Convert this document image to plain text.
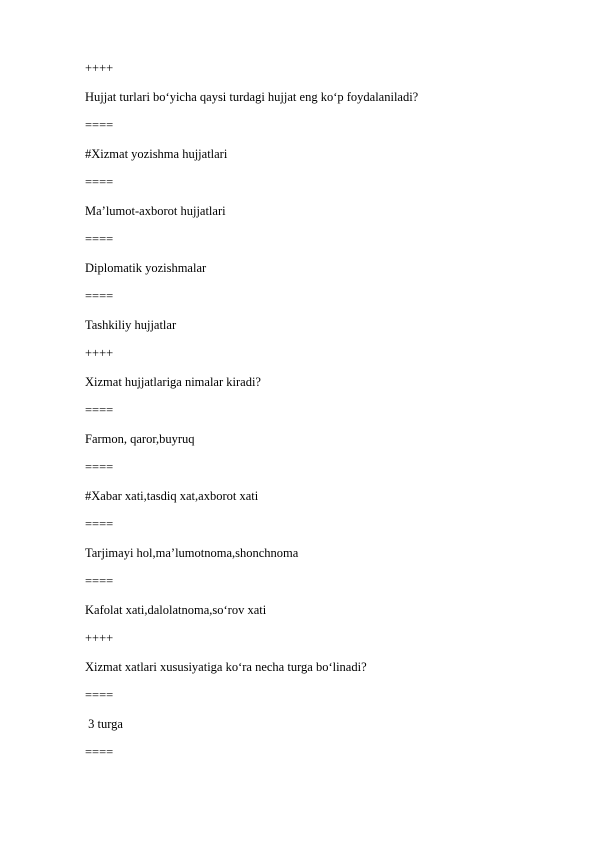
++++
Hujjat turlari bo‘yicha qaysi turdagi hujjat eng ko‘p foydalaniladi?
====
#Xizmat yozishma hujjatlari
====
Ma’lumot-axborot hujjatlari
====
Diplomatik yozishmalar
====
Tashkiliy hujjatlar
++++
Xizmat hujjatlariga nimalar kiradi?
====
Farmon, qaror,buyruq
====
#Xabar xati,tasdiq xat,axborot xati
====
Tarjimayi hol,ma’lumotnoma,shonchnoma
====
Kafolat xati,dalolatnoma,so‘rov xati
++++
Xizmat xatlari xususiyatiga ko‘ra necha turga bo‘linadi?
====
3 turga
====
